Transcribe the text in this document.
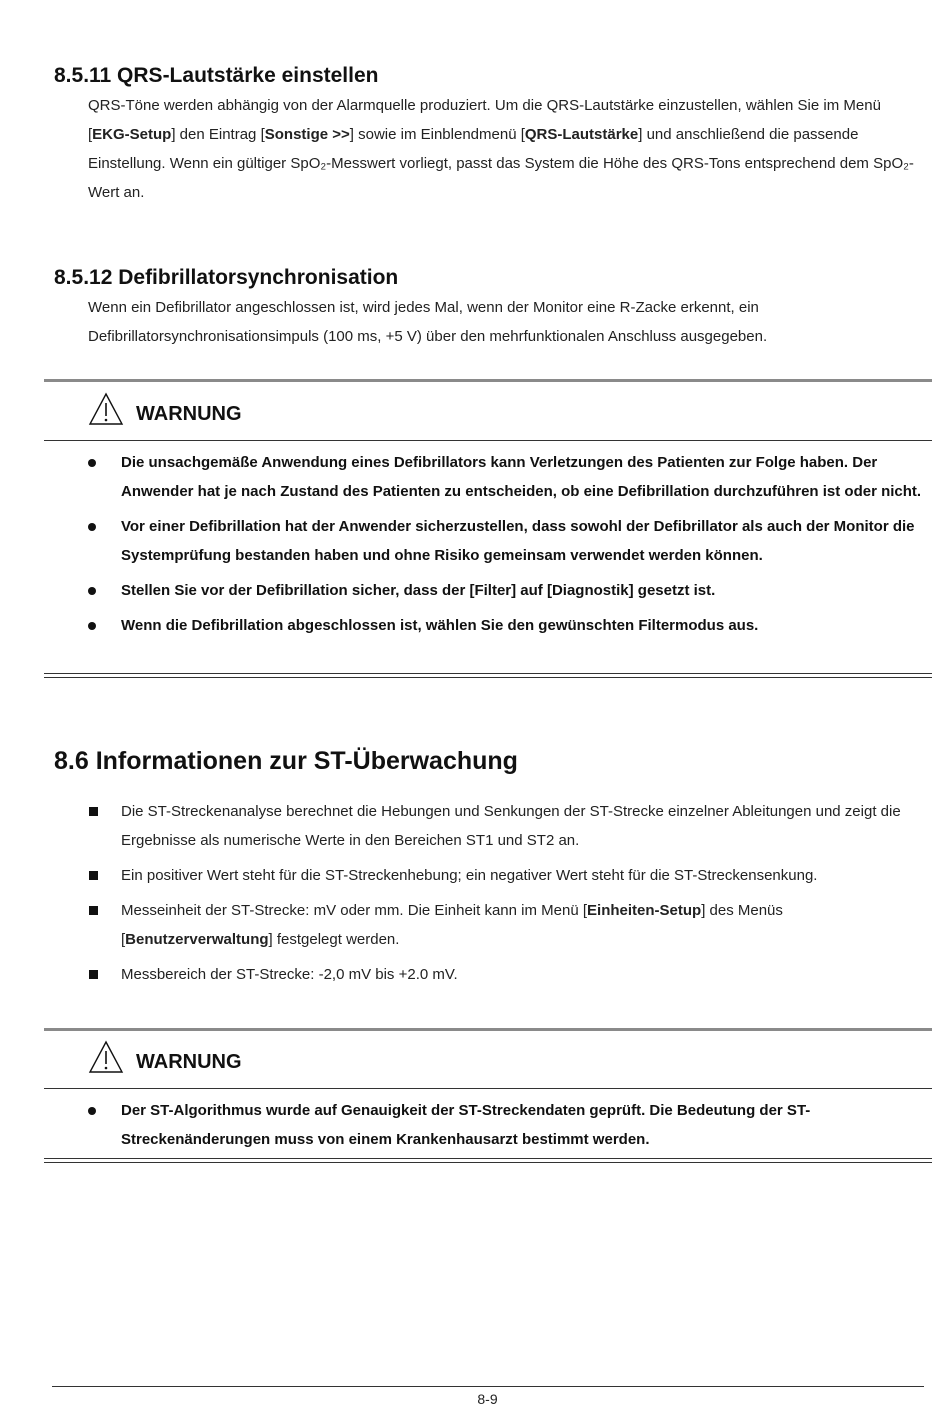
8.5.11 QRS-Lautstärke einstellen

QRS-Töne werden abhängig von der Alarmquelle produziert. Um die QRS-Lautstärke einzustellen, wählen Sie im Menü [EKG-Setup] den Eintrag [Sonstige >>] sowie im Einblendmenü [QRS-Lautstärke] und anschließend die passende Einstellung. Wenn ein gültiger SpO₂-Messwert vorliegt, passt das System die Höhe des QRS-Tons entsprechend dem SpO₂-Wert an.

8.5.12 Defibrillatorsynchronisation

Wenn ein Defibrillator angeschlossen ist, wird jedes Mal, wenn der Monitor eine R-Zacke erkennt, ein Defibrillatorsynchronisationsimpuls (100 ms, +5 V) über den mehrfunktionalen Anschluss ausgegeben.

WARNUNG
Die unsachgemäße Anwendung eines Defibrillators kann Verletzungen des Patienten zur Folge haben. Der Anwender hat je nach Zustand des Patienten zu entscheiden, ob eine Defibrillation durchzuführen ist oder nicht.
Vor einer Defibrillation hat der Anwender sicherzustellen, dass sowohl der Defibrillator als auch der Monitor die Systemprüfung bestanden haben und ohne Risiko gemeinsam verwendet werden können.
Stellen Sie vor der Defibrillation sicher, dass der [Filter] auf [Diagnostik] gesetzt ist.
Wenn die Defibrillation abgeschlossen ist, wählen Sie den gewünschten Filtermodus aus.
8.6 Informationen zur ST-Überwachung
Die ST-Streckenanalyse berechnet die Hebungen und Senkungen der ST-Strecke einzelner Ableitungen und zeigt die Ergebnisse als numerische Werte in den Bereichen ST1 und ST2 an.
Ein positiver Wert steht für die ST-Streckenhebung; ein negativer Wert steht für die ST-Streckensenkung.
Messeinheit der ST-Strecke: mV oder mm. Die Einheit kann im Menü [Einheiten-Setup] des Menüs [Benutzerverwaltung] festgelegt werden.
Messbereich der ST-Strecke: -2,0 mV bis +2.0 mV.
WARNUNG
Der ST-Algorithmus wurde auf Genauigkeit der ST-Streckendaten geprüft. Die Bedeutung der ST-Streckenänderungen muss von einem Krankenhausarzt bestimmt werden.
8-9
